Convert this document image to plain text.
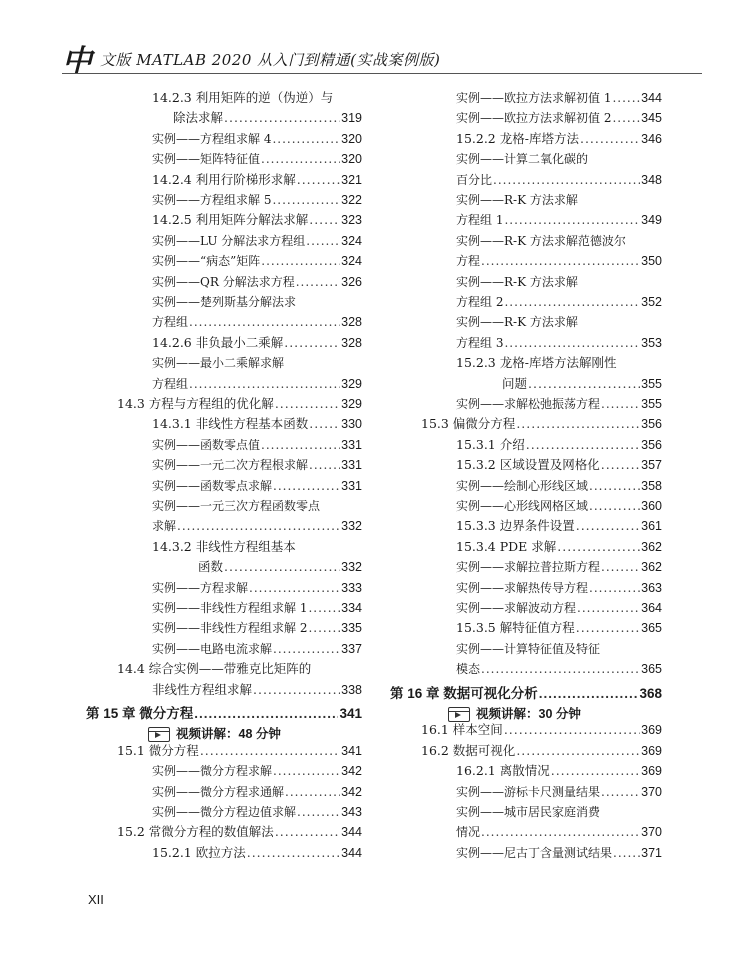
中 文版 MATLAB 2020 从入门到精通(实战案例版)
14.2.3 利用矩阵的逆（伪逆）与
除法求解 .....	319
实例——方程组求解 4 .....	320
实例——矩阵特征值 .....	320
14.2.4 利用行阶梯形求解 .....	321
实例——方程组求解 5 .....	322
14.2.5 利用矩阵分解法求解 .....	323
实例——LU 分解法求方程组 .....	324
实例——“病态”矩阵 .....	324
实例——QR 分解法求方程 .....	326
实例——楚列斯基分解法求
方程组 .....	328
14.2.6 非负最小二乘解 .....	328
实例——最小二乘解求解
方程组 .....	329
14.3 方程与方程组的优化解 .....	329
14.3.1 非线性方程基本函数 .....	330
实例——函数零点值 .....	331
实例——一元二次方程根求解 .....	331
实例——函数零点求解 .....	331
实例——一元三次方程函数零点
求解 .....	332
14.3.2 非线性方程组基本
函数 .....	332
实例——方程求解 .....	333
实例——非线性方程组求解 1 .....	334
实例——非线性方程组求解 2 .....	335
实例——电路电流求解 .....	337
14.4 综合实例——带雅克比矩阵的
非线性方程组求解 .....	338
第 15 章 微分方程 .....	341
视频讲解：48 分钟
15.1 微分方程 .....	341
实例——微分方程求解 .....	342
实例——微分方程求通解 .....	342
实例——微分方程边值求解 .....	343
15.2 常微分方程的数值解法 .....	344
15.2.1 欧拉方法 .....	344
实例——欧拉方法求解初值 1 ..... 344
实例——欧拉方法求解初值 2 ..... 345
15.2.2 龙格-库塔方法 .....	346
实例——计算二氧化碳的
百分比 .....	348
实例——R-K 方法求解
方程组 1 .....	349
实例——R-K 方法求解范德波尔
方程 .....	350
实例——R-K 方法求解
方程组 2 .....	352
实例——R-K 方法求解
方程组 3 .....	353
15.2.3 龙格-库塔方法解刚性
问题 .....	355
实例——求解松弛振荡方程 .....	355
15.3 偏微分方程 .....	356
15.3.1 介绍 .....	356
15.3.2 区域设置及网格化 .....	357
实例——绘制心形线区域 .....	358
实例——心形线网格区域 .....	360
15.3.3 边界条件设置 .....	361
15.3.4 PDE 求解 .....	362
实例——求解拉普拉斯方程 .....	362
实例——求解热传导方程 .....	363
实例——求解波动方程 .....	364
15.3.5 解特征值方程 .....	365
实例——计算特征值及特征
模态 .....	365
第 16 章 数据可视化分析 .....	368
视频讲解：30 分钟
16.1 样本空间 .....	369
16.2 数据可视化 .....	369
16.2.1 离散情况 .....	369
实例——游标卡尺测量结果 .....	370
实例——城市居民家庭消费
情况 .....	370
实例——尼古丁含量测试结果 ..... 371
XII
